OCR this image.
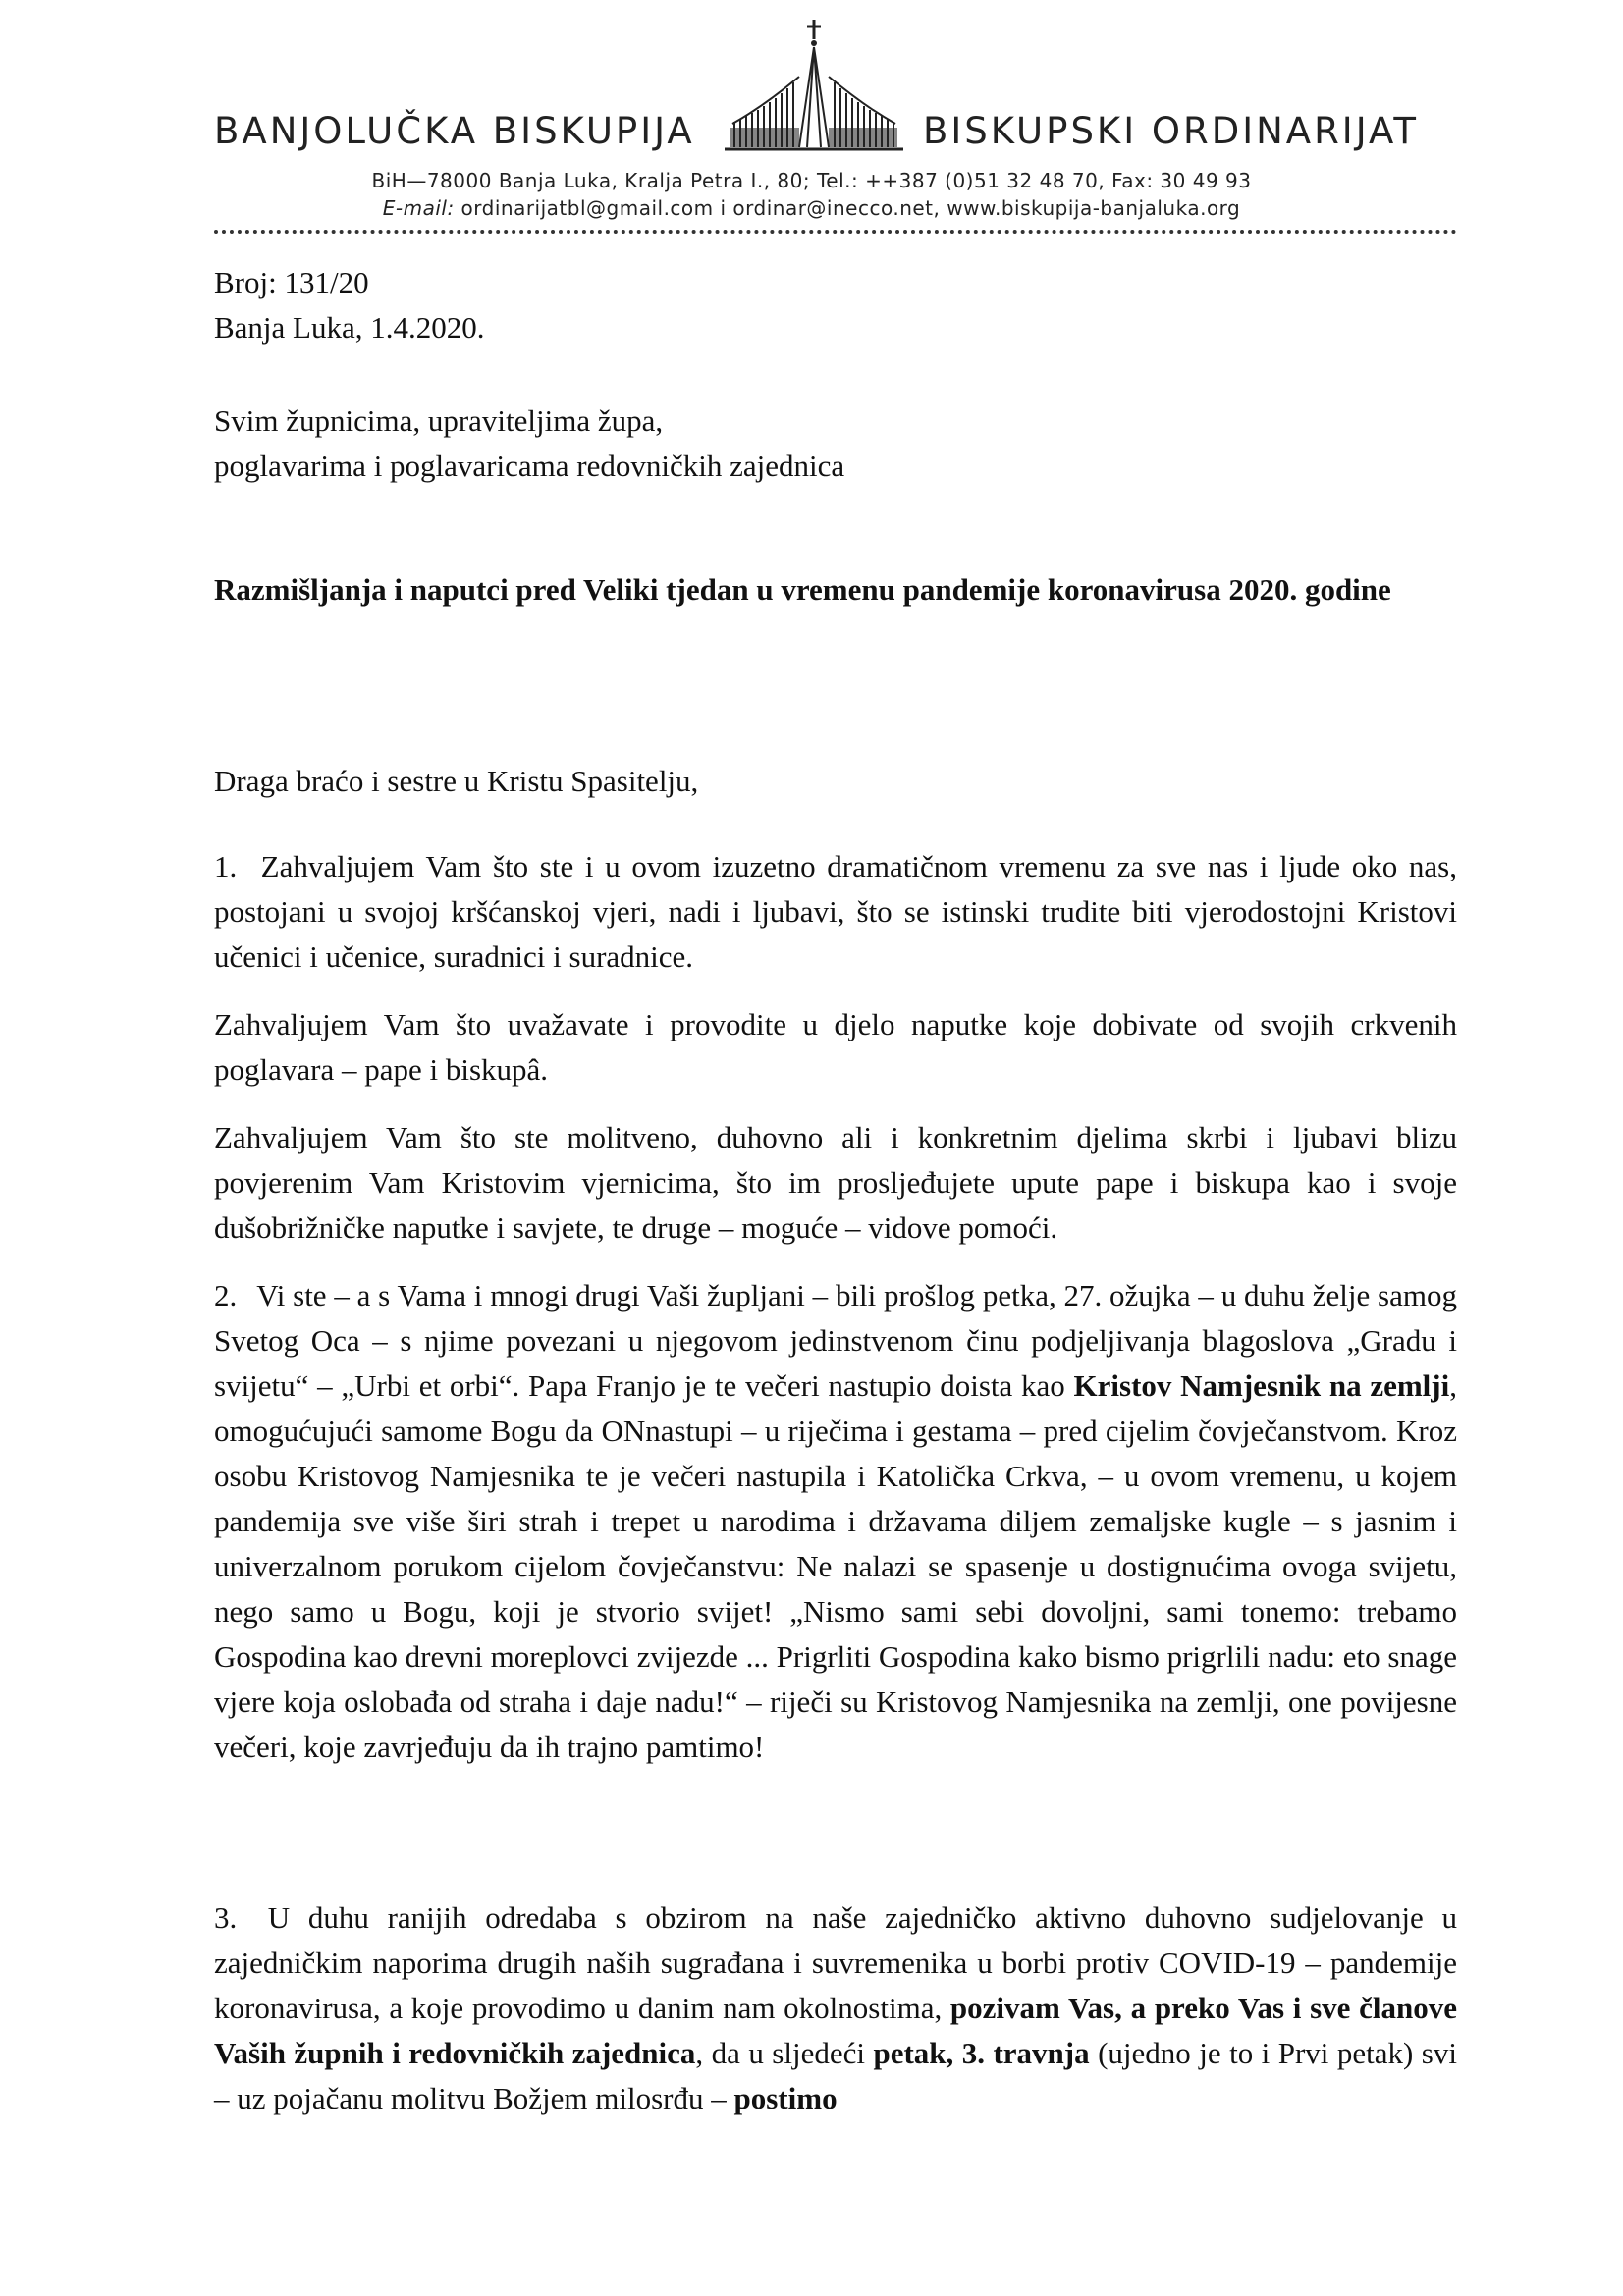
BANJOLUČKA BISKUPIJA	BISKUPSKI ORDINARIJAT
BiH—78000 Banja Luka, Kralja Petra I., 80; Tel.: ++387 (0)51 32 48 70, Fax: 30 49 93
E-mail: ordinarijatbl@gmail.com i ordinar@inecco.net, www.biskupija-banjaluka.org
Broj: 131/20
Banja Luka, 1.4.2020.
Svim župnicima, upraviteljima župa,
poglavarima i poglavaricama redovničkih zajednica
Razmišljanja i naputci pred Veliki tjedan u vremenu pandemije koronavirusa 2020. godine
Draga braćo i sestre u Kristu Spasitelju,

1. Zahvaljujem Vam što ste i u ovom izuzetno dramatičnom vremenu za sve nas i ljude oko nas, postojani u svojoj kršćanskoj vjeri, nadi i ljubavi, što se istinski trudite biti vjerodostojni Kristovi učenici i učenice, suradnici i suradnice.

Zahvaljujem Vam što uvažavate i provodite u djelo naputke koje dobivate od svojih crkvenih poglavara – pape i biskupâ.

Zahvaljujem Vam što ste molitveno, duhovno ali i konkretnim djelima skrbi i ljubavi blizu povjerenim Vam Kristovim vjernicima, što im prosljeđujete upute pape i biskupa kao i svoje dušobrižničke naputke i savjete, te druge – moguće – vidove pomoći.

2. Vi ste – a s Vama i mnogi drugi Vaši župljani – bili prošlog petka, 27. ožujka – u duhu želje samog Svetog Oca – s njime povezani u njegovom jedinstvenom činu podjeljivanja blagoslova „Gradu i svijetu“ – „Urbi et orbi“. Papa Franjo je te večeri nastupio doista kao Kristov Namjesnik na zemlji, omogućujući samome Bogu da ONnastupi – u riječima i gestama – pred cijelim čovječanstvom. Kroz osobu Kristovog Namjesnika te je večeri nastupila i Katolička Crkva, – u ovom vremenu, u kojem pandemija sve više širi strah i trepet u narodima i državama diljem zemaljske kugle – s jasnim i univerzalnom porukom cijelom čovječanstvu: Ne nalazi se spasenje u dostignućima ovoga svijetu, nego samo u Bogu, koji je stvorio svijet! „Nismo sami sebi dovoljni, sami tonemo: trebamo Gospodina kao drevni moreplovci zvijezde ... Prigrliti Gospodina kako bismo prigrlili nadu: eto snage vjere koja oslobađa od straha i daje nadu!“ – riječi su Kristovog Namjesnika na zemlji, one povijesne večeri, koje zavrjeđuju da ih trajno pamtimo!

3. U duhu ranijih odredaba s obzirom na naše zajedničko aktivno duhovno sudjelovanje u zajedničkim naporima drugih naših sugrađana i suvremenika u borbi protiv COVID-19 – pandemije koronavirusa, a koje provodimo u danim nam okolnostima, pozivam Vas, a preko Vas i sve članove Vaših župnih i redovničkih zajednica, da u sljedeći petak, 3. travnja (ujedno je to i Prvi petak) svi – uz pojačanu molitvu Božjem milosrđu – postimo
